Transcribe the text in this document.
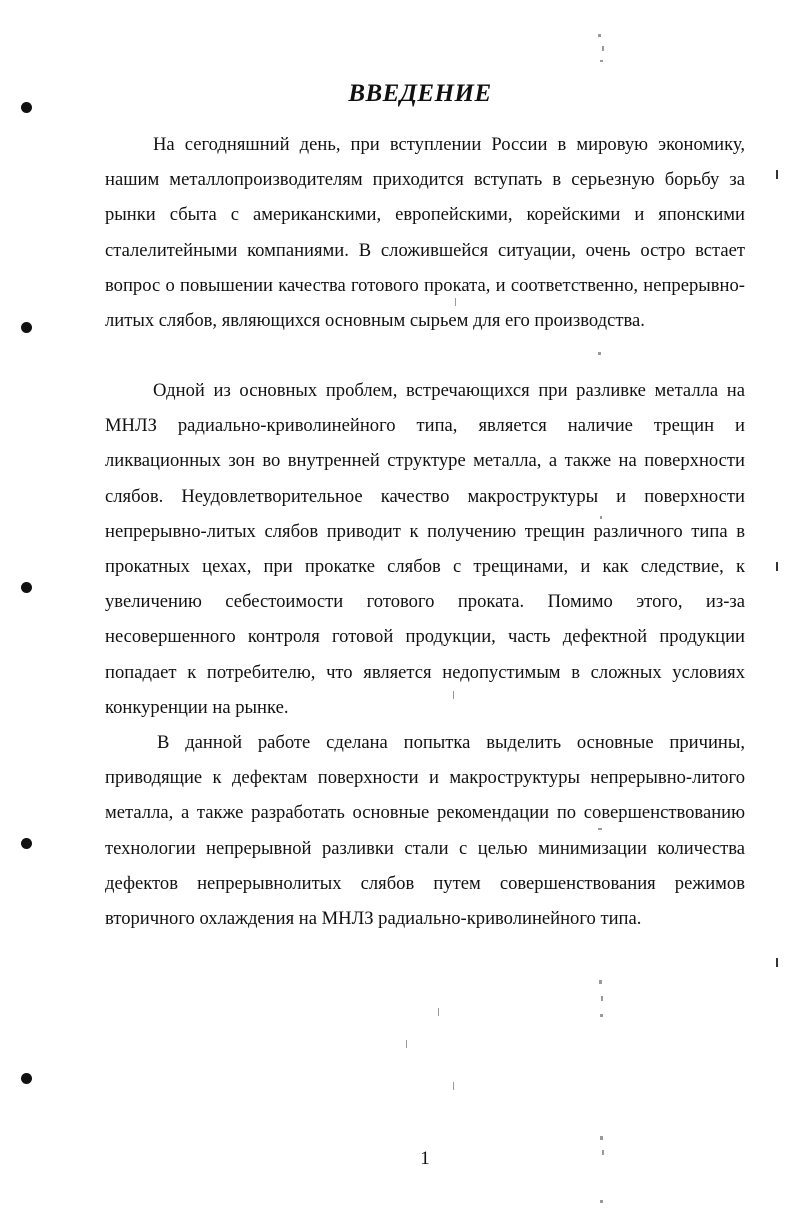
ВВЕДЕНИЕ

На сегодняшний день, при вступлении России в мировую экономику, нашим металлопроизводителям приходится вступать в серьезную борьбу за рынки сбыта с американскими, европейскими, корейскими и японскими сталелитейными компаниями. В сложившейся ситуации, очень остро встает вопрос о повышении качества готового проката, и соответственно, непрерывно-литых слябов, являющихся основным сырьем для его производства.

Одной из основных проблем, встречающихся при разливке металла на МНЛЗ радиально-криволинейного типа, является наличие трещин и ликвационных зон во внутренней структуре металла, а также на поверхности слябов. Неудовлетворительное качество макроструктуры и поверхности непрерывно-литых слябов приводит к получению трещин различного типа в прокатных цехах, при прокатке слябов с трещинами, и как следствие, к увеличению себестоимости готового проката. Помимо этого, из-за несовершенного контроля готовой продукции, часть дефектной продукции попадает к потребителю, что является недопустимым в сложных условиях конкуренции на рынке.

В данной работе сделана попытка выделить основные причины, приводящие к дефектам поверхности и макроструктуры непрерывно-литого металла, а также разработать основные рекомендации по совершенствованию технологии непрерывной разливки стали с целью минимизации количества дефектов непрерывнолитых слябов путем совершенствования режимов вторичного охлаждения на МНЛЗ радиально-криволинейного типа.

1
